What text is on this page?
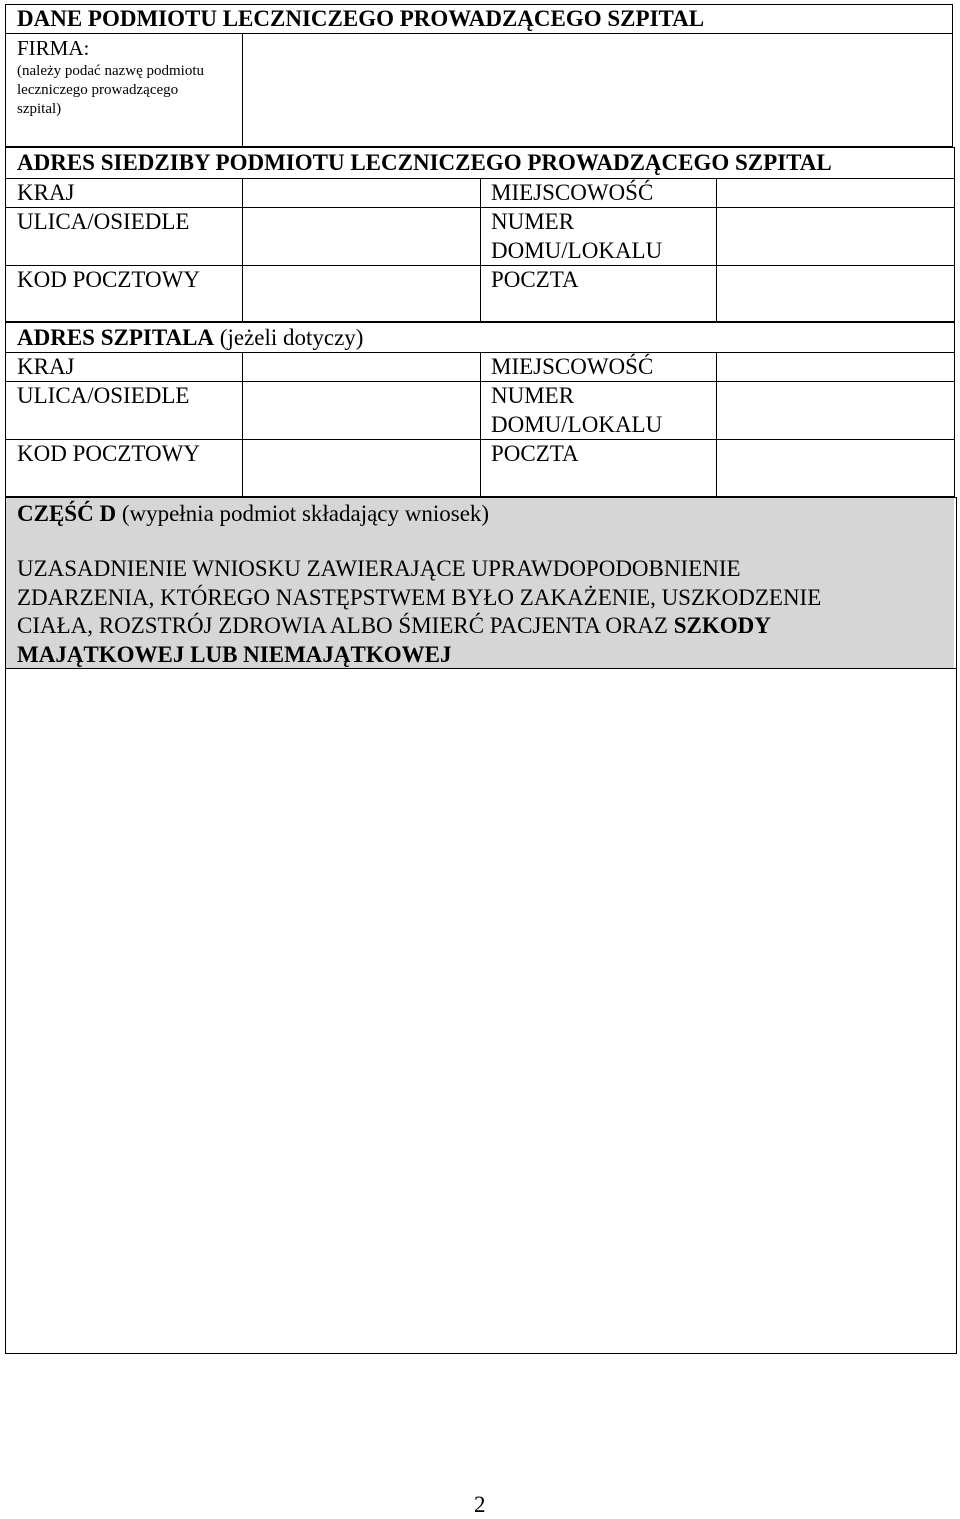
DANE PODMIOTU LECZNICZEGO PROWADZĄCEGO SZPITAL
FIRMA:
(należy podać nazwę podmiotu
leczniczego prowadzącego
szpital)
ADRES SIEDZIBY PODMIOTU LECZNICZEGO PROWADZĄCEGO SZPITAL
KRAJ	MIEJSCOWOŚĆ
ULICA/OSIEDLE	NUMER
DOMU/LOKALU
KOD POCZTOWY	POCZTA
ADRES SZPITALA (jeżeli dotyczy)
KRAJ	MIEJSCOWOŚĆ
ULICA/OSIEDLE	NUMER
DOMU/LOKALU
KOD POCZTOWY	POCZTA
CZĘŚĆ D (wypełnia podmiot składający wniosek)
UZASADNIENIE WNIOSKU ZAWIERAJĄCE UPRAWDOPODOBNIENIE
ZDARZENIA, KTÓREGO NASTĘPSTWEM BYŁO ZAKAŻENIE, USZKODZENIE
CIAŁA, ROZSTRÓJ ZDROWIA ALBO ŚMIERĆ PACJENTA ORAZ SZKODY
MAJĄTKOWEJ LUB NIEMAJĄTKOWEJ
2
